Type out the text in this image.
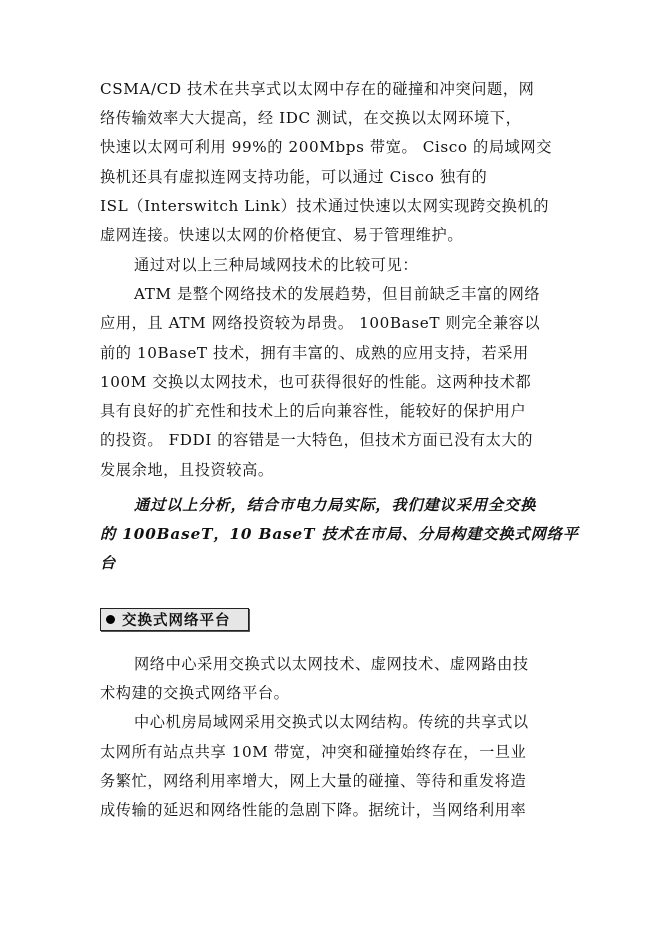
CSMA/CD 技术在共享式以太网中存在的碰撞和冲突问题，网
络传输效率大大提高，经 IDC 测试，在交换以太网环境下，
快速以太网可利用 99%的 200Mbps 带宽。 Cisco 的局域网交
换机还具有虚拟连网支持功能，可以通过 Cisco 独有的
ISL（Interswitch Link）技术通过快速以太网实现跨交换机的
虚网连接。快速以太网的价格便宜、易于管理维护。
通过对以上三种局域网技术的比较可见：
ATM 是整个网络技术的发展趋势，但目前缺乏丰富的网络
应用，且 ATM 网络投资较为昂贵。 100BaseT 则完全兼容以
前的 10BaseT 技术，拥有丰富的、成熟的应用支持，若采用
100M 交换以太网技术，也可获得很好的性能。这两种技术都
具有良好的扩充性和技术上的后向兼容性，能较好的保护用户
的投资。 FDDI 的容错是一大特色，但技术方面已没有太大的
发展余地，且投资较高。
通过以上分析，结合市电力局实际，我们建议采用全交换
的 100BaseT，10 BaseT 技术在市局、分局构建交换式网络平
台
交换式网络平台
网络中心采用交换式以太网技术、虚网技术、虚网路由技
术构建的交换式网络平台。
中心机房局域网采用交换式以太网结构。传统的共享式以
太网所有站点共享 10M 带宽，冲突和碰撞始终存在，一旦业
务繁忙，网络利用率增大，网上大量的碰撞、等待和重发将造
成传输的延迟和网络性能的急剧下降。据统计，当网络利用率
